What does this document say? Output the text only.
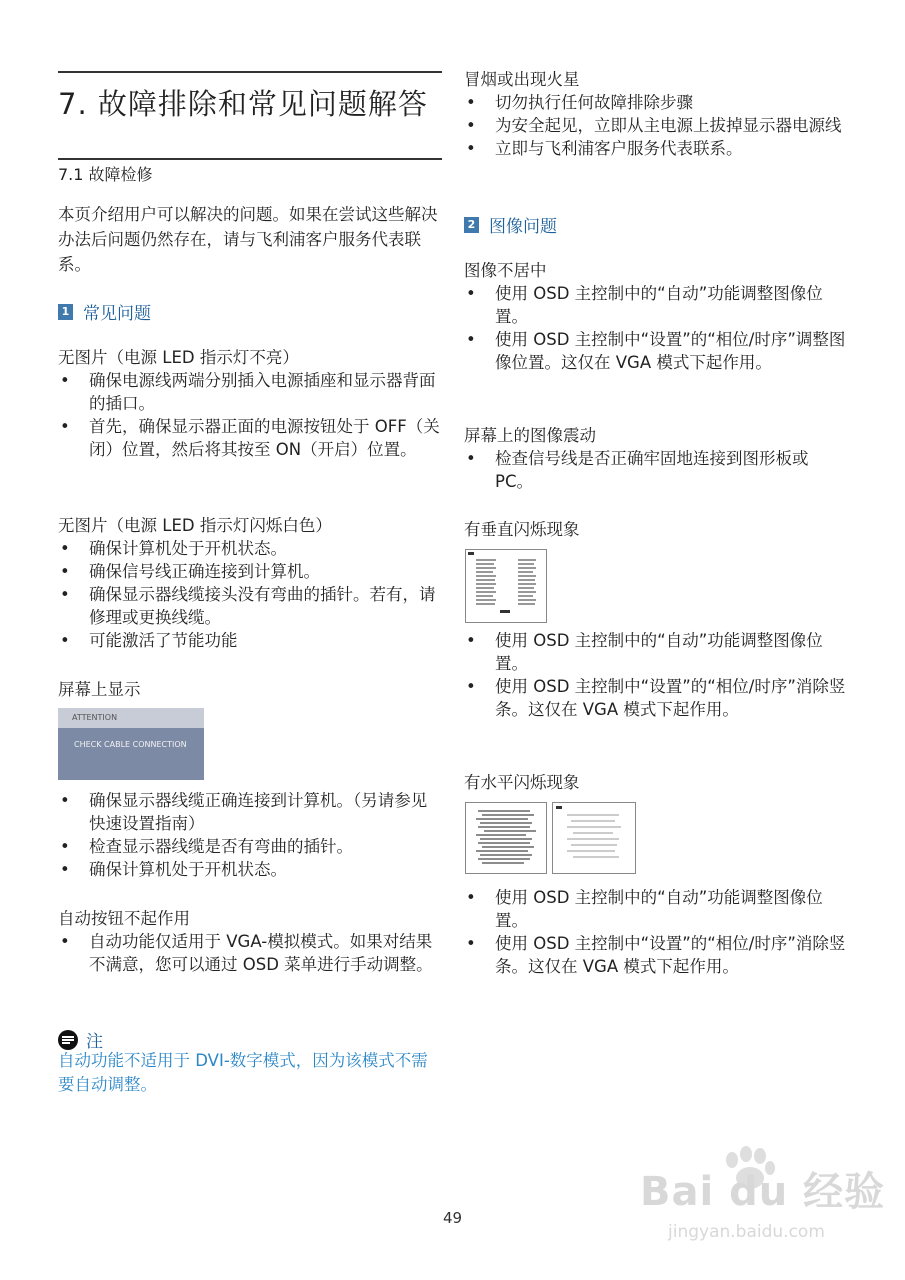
7. 故障排除和常见问题解答
7.1 故障检修
本页介绍用户可以解决的问题。如果在尝试这些解决办法后问题仍然存在，请与飞利浦客户服务代表联系。
1 常见问题

无图片（电源 LED 指示灯不亮）

• 确保电源线两端分别插入电源插座和显示器背面的插口。
• 首先，确保显示器正面的电源按钮处于 OFF（关闭）位置，然后将其按至 ON（开启）位置。

无图片（电源 LED 指示灯闪烁白色）

• 确保计算机处于开机状态。
• 确保信号线正确连接到计算机。
• 确保显示器线缆接头没有弯曲的插针。若有，请修理或更换线缆。
• 可能激活了节能功能

屏幕上显示

ATTENTION
CHECK CABLE CONNECTION
• 确保显示器线缆正确连接到计算机。（另请参见快速设置指南）
• 检查显示器线缆是否有弯曲的插针。
• 确保计算机处于开机状态。

自动按钮不起作用

• 自动功能仅适用于 VGA-模拟模式。如果对结果不满意，您可以通过 OSD 菜单进行手动调整。
注
自动功能不适用于 DVI-数字模式，因为该模式不需要自动调整。

冒烟或出现火星

• 切勿执行任何故障排除步骤
• 为安全起见，立即从主电源上拔掉显示器电源线
• 立即与飞利浦客户服务代表联系。
2 图像问题

图像不居中

• 使用 OSD 主控制中的“自动”功能调整图像位置。
• 使用 OSD 主控制中“设置”的“相位/时序”调整图像位置。这仅在 VGA 模式下起作用。

屏幕上的图像震动

• 检查信号线是否正确牢固地连接到图形板或 PC。

有垂直闪烁现象

• 使用 OSD 主控制中的“自动”功能调整图像位置。
• 使用 OSD 主控制中“设置”的“相位/时序”消除竖条。这仅在 VGA 模式下起作用。

有水平闪烁现象

• 使用 OSD 主控制中的“自动”功能调整图像位置。
• 使用 OSD 主控制中“设置”的“相位/时序”消除竖条。这仅在 VGA 模式下起作用。
49
Bai du 经验
jingyan.baidu.com
